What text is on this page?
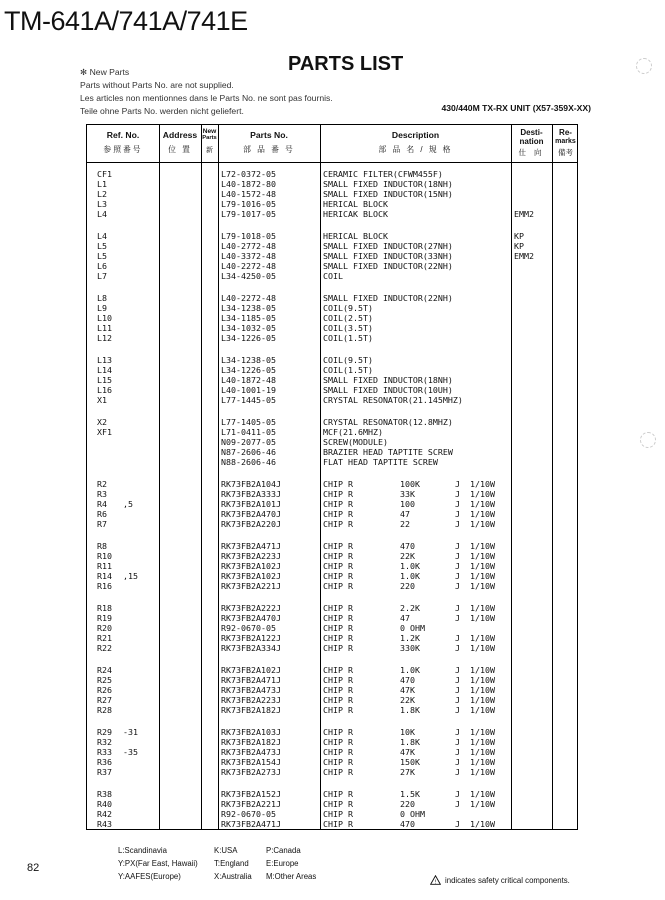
TM-641A/741A/741E
PARTS LIST
✻ New Parts
Parts without Parts No. are not supplied.
Les articles non mentionnes dans le Parts No. ne sont pas fournis.
Teile ohne Parts No. werden nicht geliefert.	430/440M TX-RX UNIT (X57-359X-XX)
Ref. No.
参照番号
Address
位 置
New
Parts
新
Parts No.
部 品 番 号
Description
部 品 名 / 規 格
Desti-
nation
仕 向
Re-
marks
備考
CF1	L72-0372-05	CERAMIC FILTER(CFWM455F)
L1	L40-1872-80	SMALL FIXED INDUCTOR(18NH)
L2	L40-1572-48	SMALL FIXED INDUCTOR(15NH)
L3	L79-1016-05	HERICAL BLOCK
L4	L79-1017-05	HERICAK BLOCK	EMM2
L4	L79-1018-05	HERICAL BLOCK	KP
L5	L40-2772-48	SMALL FIXED INDUCTOR(27NH)	KP
L5	L40-3372-48	SMALL FIXED INDUCTOR(33NH)	EMM2
L6	L40-2272-48	SMALL FIXED INDUCTOR(22NH)
L7	L34-4250-05	COIL
L8	L40-2272-48	SMALL FIXED INDUCTOR(22NH)
L9	L34-1238-05	COIL(9.5T)
L10	L34-1185-05	COIL(2.5T)
L11	L34-1032-05	COIL(3.5T)
L12	L34-1226-05	COIL(1.5T)
L13	L34-1238-05	COIL(9.5T)
L14	L34-1226-05	COIL(1.5T)
L15	L40-1872-48	SMALL FIXED INDUCTOR(18NH)
L16	L40-1001-19	SMALL FIXED INDUCTOR(10UH)
X1	L77-1445-05	CRYSTAL RESONATOR(21.145MHZ)
X2	L77-1405-05	CRYSTAL RESONATOR(12.8MHZ)
XF1	L71-0411-05	MCF(21.6MHZ)
N09-2077-05	SCREW(MODULE)
N87-2606-46	BRAZIER HEAD TAPTITE SCREW
N88-2606-46	FLAT HEAD TAPTITE SCREW
R2	RK73FB2A104J	CHIP R	100K	J 1/10W
R3	RK73FB2A333J	CHIP R	33K	J 1/10W
R4 ,5	RK73FB2A101J	CHIP R	100	J 1/10W
R6	RK73FB2A470J	CHIP R	47	J 1/10W
R7	RK73FB2A220J	CHIP R	22	J 1/10W
R8	RK73FB2A471J	CHIP R	470	J 1/10W
R10	RK73FB2A223J	CHIP R	22K	J 1/10W
R11	RK73FB2A102J	CHIP R	1.0K	J 1/10W
R14 ,15	RK73FB2A102J	CHIP R	1.0K	J 1/10W
R16	RK73FB2A221J	CHIP R	220	J 1/10W
R18	RK73FB2A222J	CHIP R	2.2K	J 1/10W
R19	RK73FB2A470J	CHIP R	47	J 1/10W
R20	R92-0670-05	CHIP R	0 OHM
R21	RK73FB2A122J	CHIP R	1.2K	J 1/10W
R22	RK73FB2A334J	CHIP R	330K	J 1/10W
R24	RK73FB2A102J	CHIP R	1.0K	J 1/10W
R25	RK73FB2A471J	CHIP R	470	J 1/10W
R26	RK73FB2A473J	CHIP R	47K	J 1/10W
R27	RK73FB2A223J	CHIP R	22K	J 1/10W
R28	RK73FB2A182J	CHIP R	1.8K	J 1/10W
R29 -31	RK73FB2A103J	CHIP R	10K	J 1/10W
R32	RK73FB2A182J	CHIP R	1.8K	J 1/10W
R33 -35	RK73FB2A473J	CHIP R	47K	J 1/10W
R36	RK73FB2A154J	CHIP R	150K	J 1/10W
R37	RK73FB2A273J	CHIP R	27K	J 1/10W
R38	RK73FB2A152J	CHIP R	1.5K	J 1/10W
R40	RK73FB2A221J	CHIP R	220	J 1/10W
R42	R92-0670-05	CHIP R	0 OHM
R43	RK73FB2A471J	CHIP R	470	J 1/10W
L:Scandinavia
Y:PX(Far East, Hawaii)
Y:AAFES(Europe)
K:USA
T:England
X:Australia
P:Canada
E:Europe
M:Other Areas
82
! indicates safety critical components.
